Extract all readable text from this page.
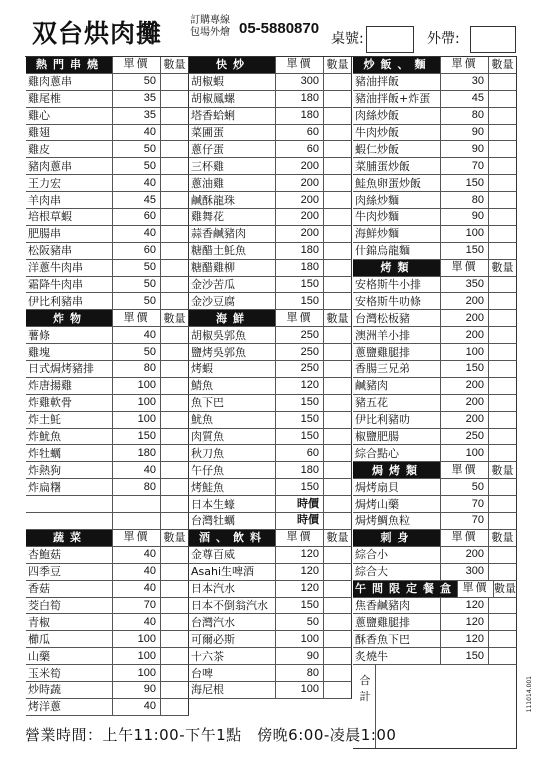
双台烘肉攤	訂購專線
包場外燴 05-5880870
桌號:	外帶:
熱門串燒	單價	數量
雞肉蔥串	50
雞尾椎	35
雞心	35
雞翅	40
雞皮	50
豬肉蔥串	50
王力宏	40
羊肉串	45
培根草蝦	60
肥腸串	40
松阪豬串	60
洋蔥牛肉串	50
霜降牛肉串	50
伊比利豬串	50
炸物	單價	數量
薯條	40
雞塊	50
日式焗烤豬排	80
炸唐揚雞	100
炸雞軟骨	100
炸土魠	100
炸魷魚	150
炸牡蠣	180
炸熱狗	40
炸扁糬	80
蔬菜	單價	數量
杏鮑菇	40
四季豆	40
香菇	40
茭白筍	70
青椒	40
櫛瓜	100
山藥	100
玉米筍	100
炒時蔬	90
烤洋蔥	40
快炒	單價	數量
胡椒蝦	300
胡椒鳳螺	180
塔香蛤蜊	180
菜圃蛋	60
蔥仔蛋	60
三杯雞	200
蔥油雞	200
鹹酥龍珠	200
雞舞花	200
蒜香鹹豬肉	200
糖醋土魠魚	180
糖醋雞柳	180
金沙苦瓜	150
金沙豆腐	150
海鮮	單價	數量
胡椒吳郭魚	250
鹽烤吳郭魚	250
烤蝦	250
鯖魚	120
魚下巴	150
魷魚	150
肉質魚	150
秋刀魚	60
午仔魚	180
烤鮭魚	150
日本生蠔	時價
台灣牡蠣	時價
酒、飲料	單價	數量
金尊百威	120
Asahi生啤酒	120
日本汽水	120
日本不倒翁汽水	150
台灣汽水	50
可爾必斯	100
十六茶	90
台啤	80
海尼根	100
炒飯、麵	單價	數量
豬油拌飯	30
豬油拌飯+炸蛋	45
肉絲炒飯	80
牛肉炒飯	90
蝦仁炒飯	90
菜脯蛋炒飯	70
鮭魚卵蛋炒飯	150
肉絲炒麵	80
牛肉炒麵	90
海鮮炒麵	100
什錦烏龍麵	150
烤類	單價	數量
安格斯牛小排	350
安格斯牛叻條	200
台灣松板豬	200
澳洲羊小排	200
蔥鹽雞腿排	100
香腸三兄弟	150
鹹豬肉	200
豬五花	200
伊比利豬叻	200
椒鹽肥腸	250
綜合點心	100
焗烤類	單價	數量
焗烤扇貝	50
焗烤山藥	70
焗烤鯛魚粒	70
刺身	單價	數量
綜合小	200
綜合大	300
午間限定餐盒 單價 數量
焦香鹹豬肉	120
蔥鹽雞腿排	120
酥香魚下巴	120
炙燒牛	150
合計
營業時間：上午11:00-下午1點　傍晚6:00-凌晨1:00
111014.001
